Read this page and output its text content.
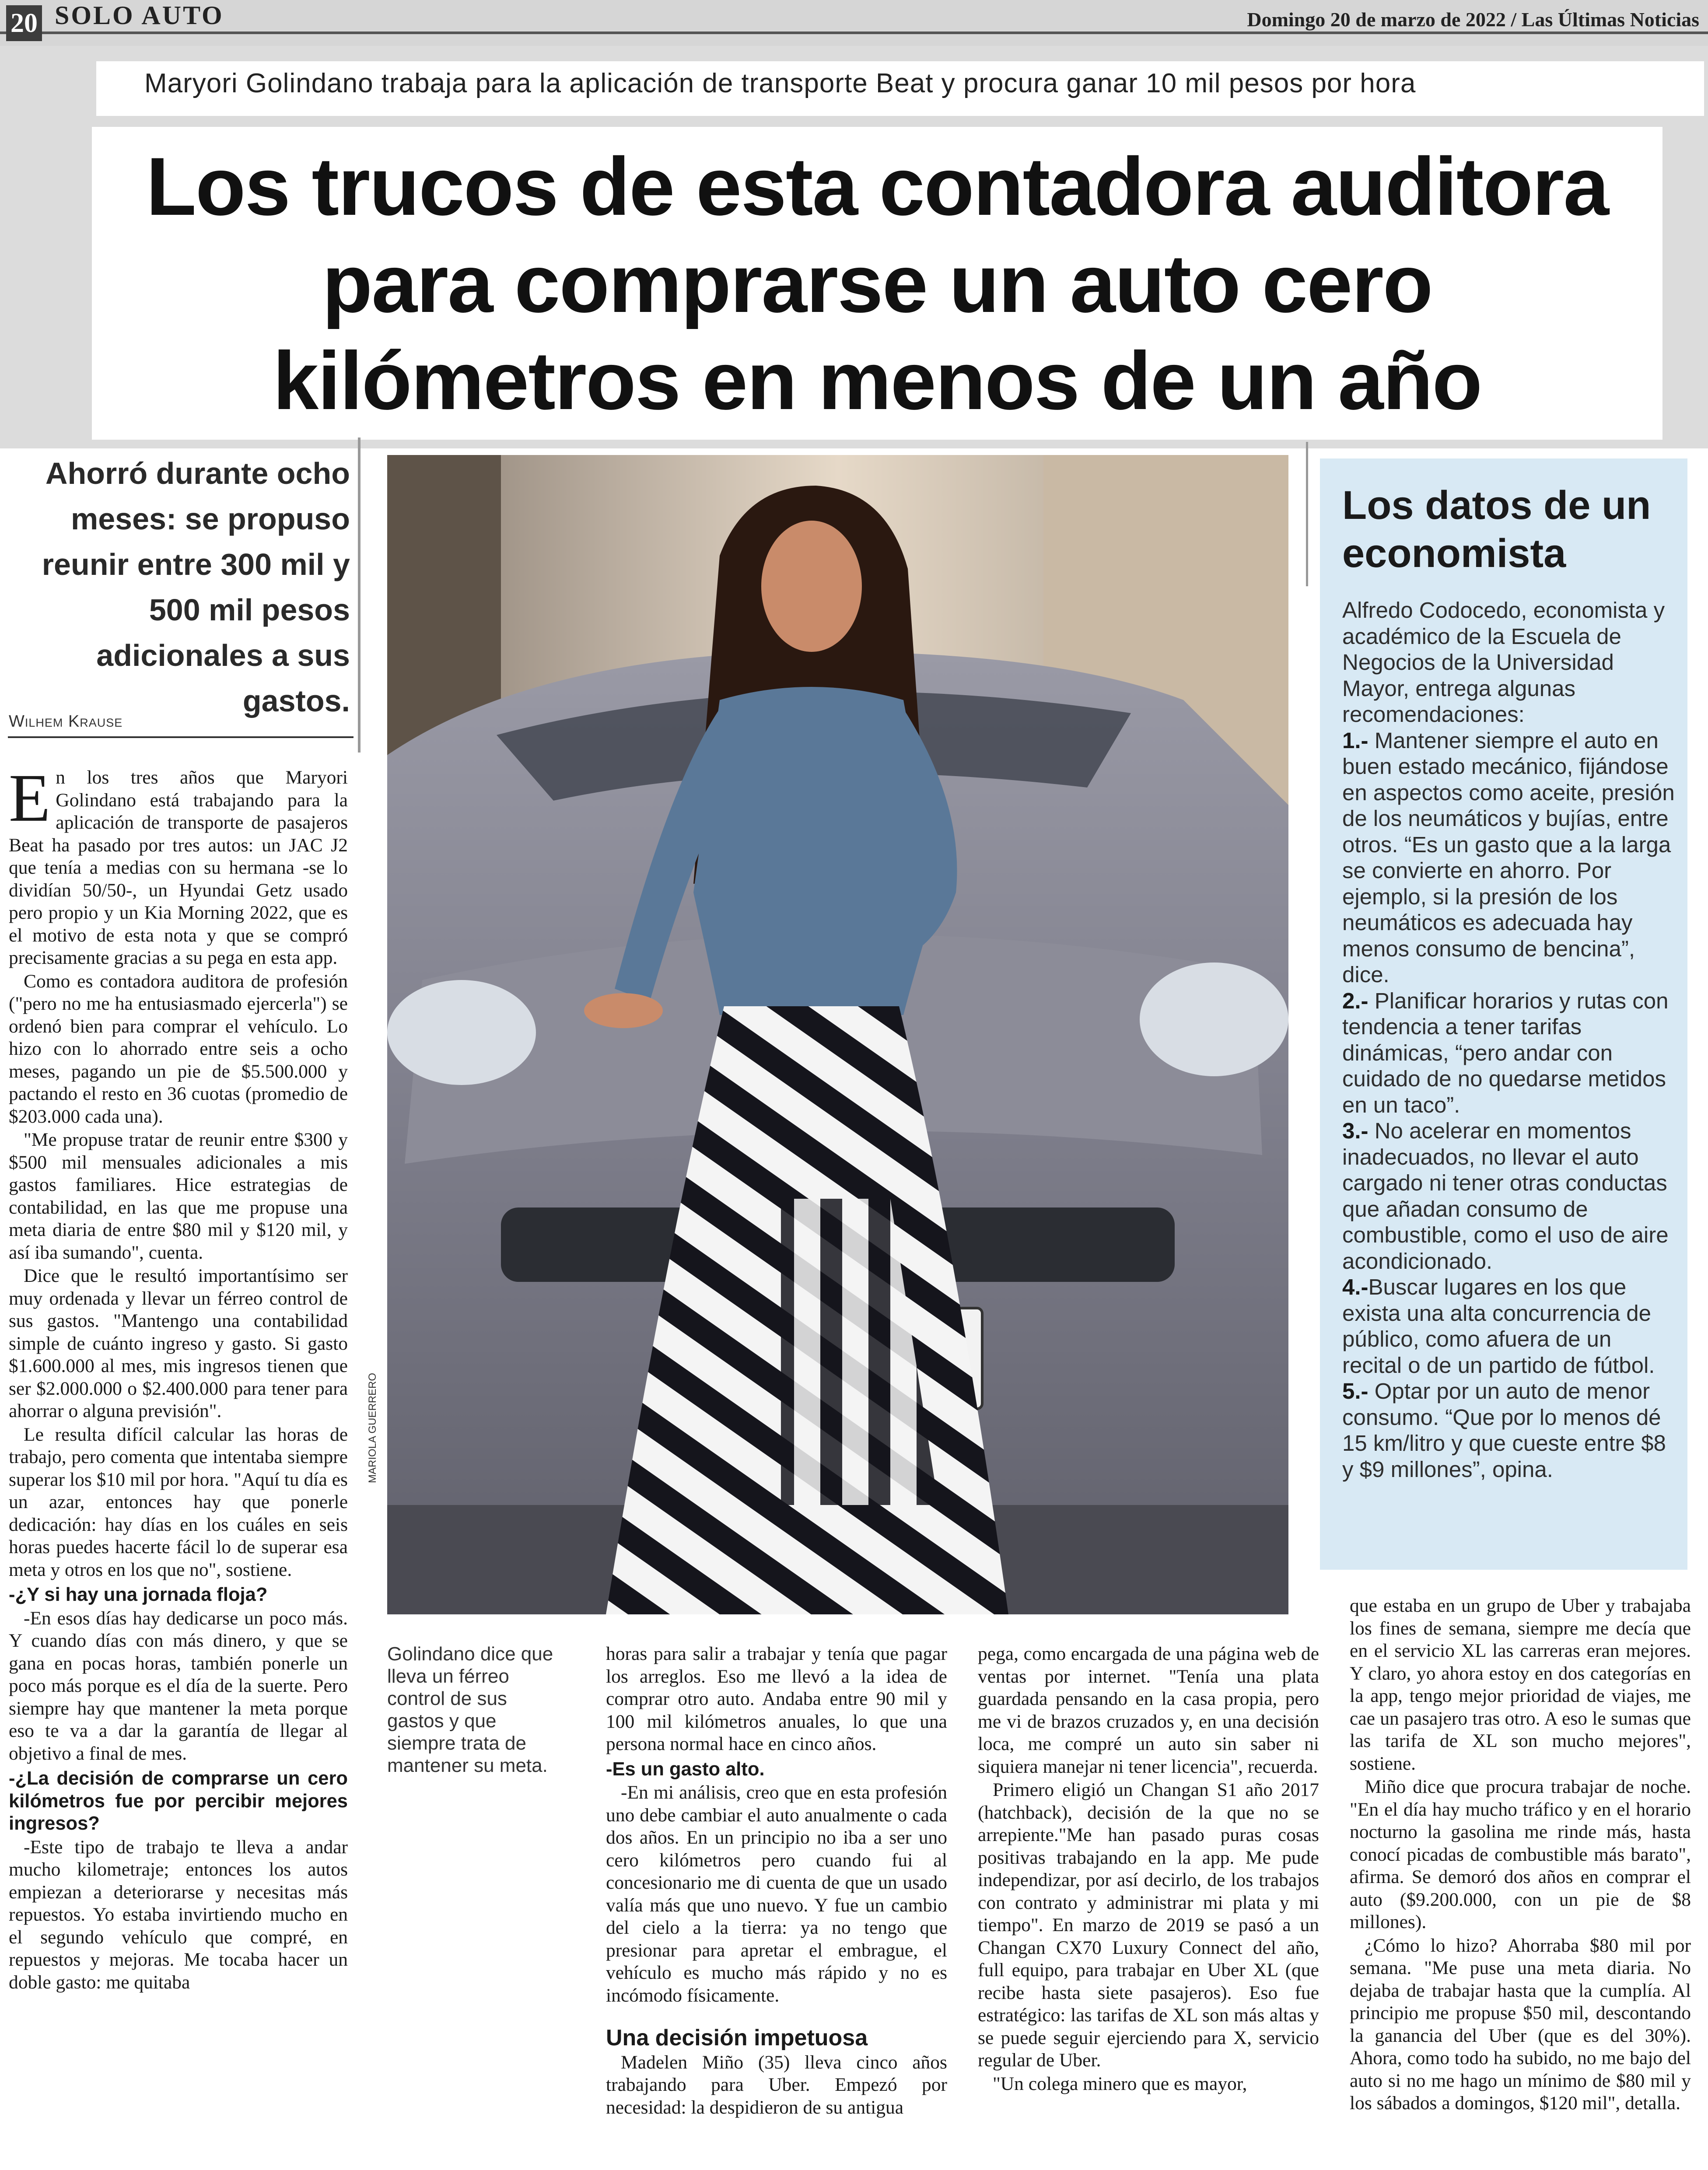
20 SOLO AUTO	Domingo 20 de marzo de 2022 / Las Últimas Noticias
Maryori Golindano trabaja para la aplicación de transporte Beat y procura ganar 10 mil pesos por hora
Los trucos de esta contadora auditora
para comprarse un auto cero
kilómetros en menos de un año
Ahorró durante ocho meses: se propuso reunir entre 300 mil y 500 mil pesos adicionales a sus gastos.
Wilhem Krause
E n los tres años que Maryori Golindano está trabajando para la aplicación de transporte de pasajeros Beat ha pasado por tres autos: un JAC J2 que tenía a medias con su hermana -se lo dividían 50/50-, un Hyundai Getz usado pero propio y un Kia Morning 2022, que es el motivo de esta nota y que se compró precisamente gracias a su pega en esta app.

Como es contadora auditora de profesión ("pero no me ha entusiasmado ejercerla") se ordenó bien para comprar el vehículo. Lo hizo con lo ahorrado entre seis a ocho meses, pagando un pie de $5.500.000 y pactando el resto en 36 cuotas (promedio de $203.000 cada una).

"Me propuse tratar de reunir entre $300 y $500 mil mensuales adicionales a mis gastos familiares. Hice estrategias de contabilidad, en las que me propuse una meta diaria de entre $80 mil y $120 mil, y así iba sumando", cuenta.

Dice que le resultó importantísimo ser muy ordenada y llevar un férreo control de sus gastos. "Mantengo una contabilidad simple de cuánto ingreso y gasto. Si gasto $1.600.000 al mes, mis ingresos tienen que ser $2.000.000 o $2.400.000 para tener para ahorrar o alguna previsión".

Le resulta difícil calcular las horas de trabajo, pero comenta que intentaba siempre superar los $10 mil por hora. "Aquí tu día es un azar, entonces hay que ponerle dedicación: hay días en los cuáles en seis horas puedes hacerte fácil lo de superar esa meta y otros en los que no", sostiene.

-¿Y si hay una jornada floja?

-En esos días hay dedicarse un poco más. Y cuando días con más dinero, y que se gana en pocas horas, también ponerle un poco más porque es el día de la suerte. Pero siempre hay que mantener la meta porque eso te va a dar la garantía de llegar al objetivo a final de mes.

-¿La decisión de comprarse un cero kilómetros fue por percibir mejores ingresos?

-Este tipo de trabajo te lleva a andar mucho kilometraje; entonces los autos empiezan a deteriorarse y necesitas más repuestos. Yo estaba invirtiendo mucho en el segundo vehículo que compré, en repuestos y mejoras. Me tocaba hacer un doble gasto: me quitaba

MARIOLA GUERRERO
Golindano dice que lleva un férreo control de sus gastos y que siempre trata de mantener su meta.

horas para salir a trabajar y tenía que pagar los arreglos. Eso me llevó a la idea de comprar otro auto. Andaba entre 90 mil y 100 mil kilómetros anuales, lo que una persona normal hace en cinco años.

-Es un gasto alto.

-En mi análisis, creo que en esta profesión uno debe cambiar el auto anualmente o cada dos años. En un principio no iba a ser uno cero kilómetros pero cuando fui al concesionario me di cuenta de que un usado valía más que uno nuevo. Y fue un cambio del cielo a la tierra: ya no tengo que presionar para apretar el embrague, el vehículo es mucho más rápido y no es incómodo físicamente.

Una decisión impetuosa

Madelen Miño (35) lleva cinco años trabajando para Uber. Empezó por necesidad: la despidieron de su antigua

pega, como encargada de una página web de ventas por internet. "Tenía una plata guardada pensando en la casa propia, pero me vi de brazos cruzados y, en una decisión loca, me compré un auto sin saber ni siquiera manejar ni tener licencia", recuerda.

Primero eligió un Changan S1 año 2017 (hatchback), decisión de la que no se arrepiente."Me han pasado puras cosas positivas trabajando en la app. Me pude independizar, por así decirlo, de los trabajos con contrato y administrar mi plata y mi tiempo". En marzo de 2019 se pasó a un Changan CX70 Luxury Connect del año, full equipo, para trabajar en Uber XL (que recibe hasta siete pasajeros). Eso fue estratégico: las tarifas de XL son más altas y se puede seguir ejerciendo para X, servicio regular de Uber.

"Un colega minero que es mayor,

que estaba en un grupo de Uber y trabajaba los fines de semana, siempre me decía que en el servicio XL las carreras eran mejores. Y claro, yo ahora estoy en dos categorías en la app, tengo mejor prioridad de viajes, me cae un pasajero tras otro. A eso le sumas que las tarifa de XL son mucho mejores", sostiene.

Miño dice que procura trabajar de noche. "En el día hay mucho tráfico y en el horario nocturno la gasolina me rinde más, hasta conocí picadas de combustible más barato", afirma. Se demoró dos años en comprar el auto ($9.200.000, con un pie de $8 millones).

¿Cómo lo hizo? Ahorraba $80 mil por semana. "Me puse una meta diaria. No dejaba de trabajar hasta que la cumplía. Al principio me propuse $50 mil, descontando la ganancia del Uber (que es del 30%). Ahora, como todo ha subido, no me bajo del auto si no me hago un mínimo de $80 mil y los sábados a domingos, $120 mil", detalla.

Los datos de un economista

Alfredo Codocedo, economista y académico de la Escuela de Negocios de la Universidad Mayor, entrega algunas recomendaciones:

1.- Mantener siempre el auto en buen estado mecánico, fijándose en aspectos como aceite, presión de los neumáticos y bujías, entre otros. “Es un gasto que a la larga se convierte en ahorro. Por ejemplo, si la presión de los neumáticos es adecuada hay menos consumo de bencina”, dice.

2.- Planificar horarios y rutas con tendencia a tener tarifas dinámicas, “pero andar con cuidado de no quedarse metidos en un taco”.

3.- No acelerar en momentos inadecuados, no llevar el auto cargado ni tener otras conductas que añadan consumo de combustible, como el uso de aire acondicionado.

4.-Buscar lugares en los que exista una alta concurrencia de público, como afuera de un recital o de un partido de fútbol.

5.- Optar por un auto de menor consumo. “Que por lo menos dé 15 km/litro y que cueste entre $8 y $9 millones”, opina.
